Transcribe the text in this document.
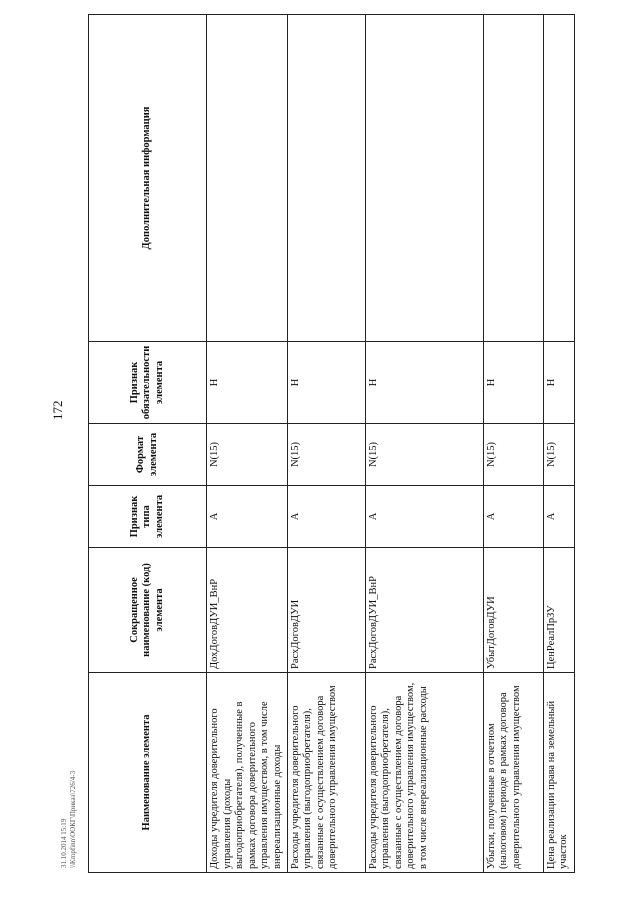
172
Наименование элемента	Сокращенное наименование (код) элемента	Признак типа элемента	Формат элемента	Признак обязательности элемента	Дополнительная информация
Доходы учредителя доверительного управления (доходы выгодоприобретателя), полученные в рамках договора доверительного управления имуществом, в том числе внереализационные доходы	ДохДоговДУИ_ВнР	А	N(15)	Н	
Расходы учредителя доверительного управления (выгодоприобретателя), связанные с осуществлением договора доверительного управления имуществом	РасхДоговДУИ	А	N(15)	Н	
Расходы учредителя доверительного управления (выгодоприобретателя), связанные с осуществлением договора доверительного управления имуществом, в том числе внереализационные расходы	РасхДоговДУИ_ВнР	А	N(15)	Н	
Убытки, полученные в отчетном (налоговом) периоде в рамках договора доверительного управления имуществом	УбытДоговДУИ	А	N(15)	Н	
Цена реализации права на земельный участок	ЦенРеалПрЗУ	А	N(15)	Н	
31.10.2014 15:19 \\Kmpfinn\ООКГ\Приказ\726/4-3
